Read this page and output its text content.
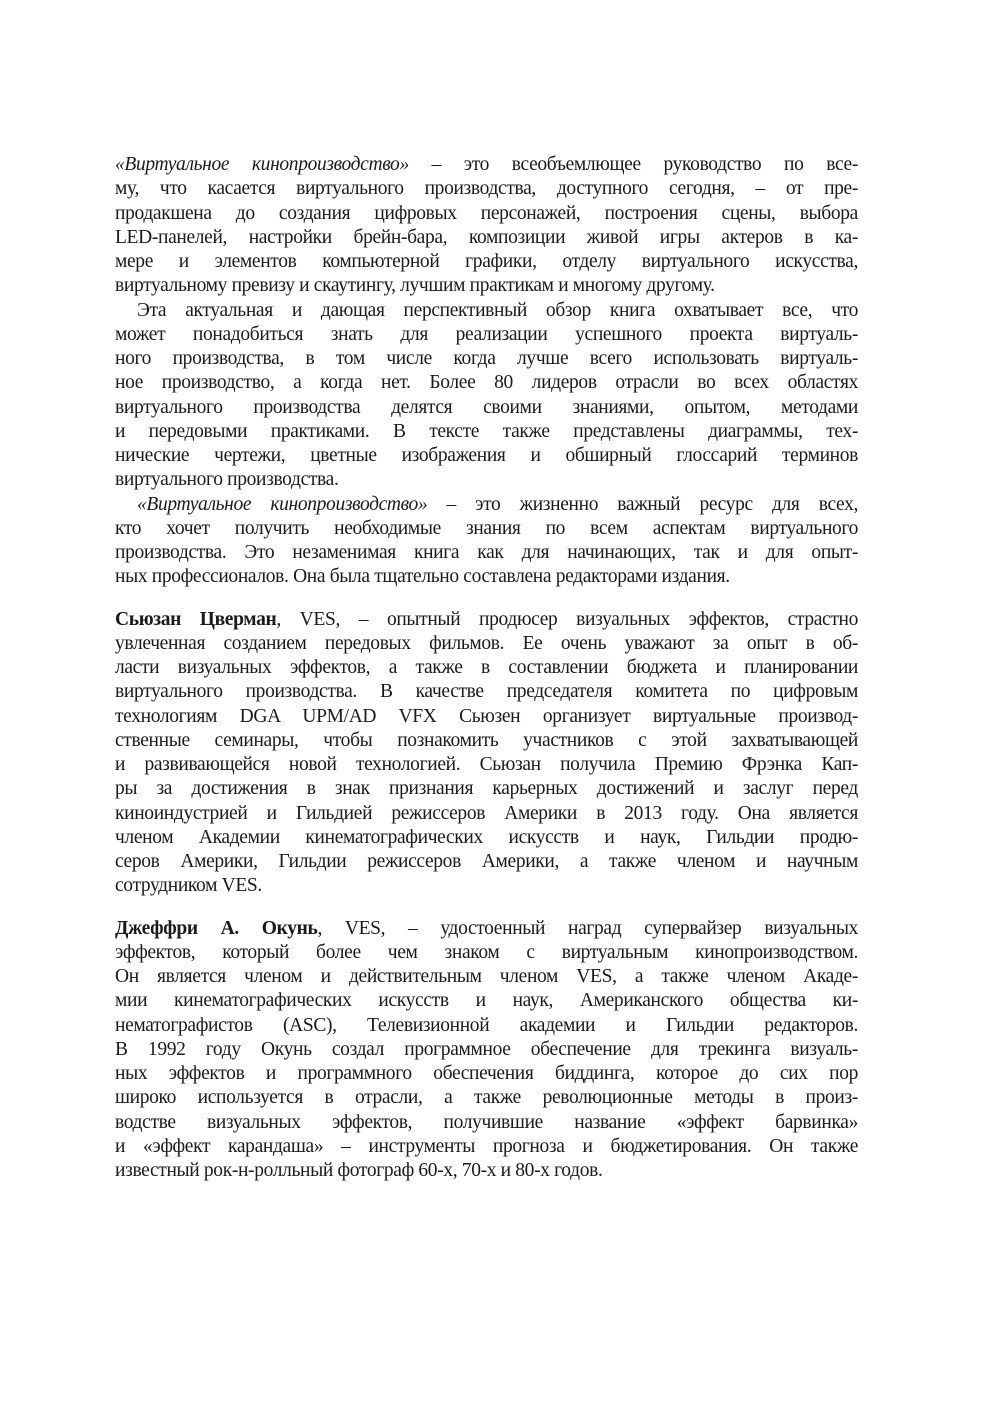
«Виртуальное кинопроизводство» – это всеобъемлющее руководство по все-
му, что касается виртуального производства, доступного сегодня, – от пре-
продакшена до создания цифровых персонажей, построения сцены, выбора
LED-панелей, настройки брейн-бара, композиции живой игры актеров в ка-
мере и элементов компьютерной графики, отделу виртуального искусства,
виртуальному превизу и скаутингу, лучшим практикам и многому другому.
Эта актуальная и дающая перспективный обзор книга охватывает все, что
может понадобиться знать для реализации успешного проекта виртуаль-
ного производства, в том числе когда лучше всего использовать виртуаль-
ное производство, а когда нет. Более 80 лидеров отрасли во всех областях
виртуального производства делятся своими знаниями, опытом, методами
и передовыми практиками. В тексте также представлены диаграммы, тех-
нические чертежи, цветные изображения и обширный глоссарий терминов
виртуального производства.
«Виртуальное кинопроизводство» – это жизненно важный ресурс для всех,
кто хочет получить необходимые знания по всем аспектам виртуального
производства. Это незаменимая книга как для начинающих, так и для опыт-
ных профессионалов. Она была тщательно составлена редакторами издания.
Сьюзан Цверман, VES, – опытный продюсер визуальных эффектов, страстно
увлеченная созданием передовых фильмов. Ее очень уважают за опыт в об-
ласти визуальных эффектов, а также в составлении бюджета и планировании
виртуального производства. В качестве председателя комитета по цифровым
технологиям DGA UPM/AD VFX Сьюзен организует виртуальные производ-
ственные семинары, чтобы познакомить участников с этой захватывающей
и развивающейся новой технологией. Сьюзан получила Премию Фрэнка Кап-
ры за достижения в знак признания карьерных достижений и заслуг перед
киноиндустрией и Гильдией режиссеров Америки в 2013 году. Она является
членом Академии кинематографических искусств и наук, Гильдии продю-
серов Америки, Гильдии режиссеров Америки, а также членом и научным
сотрудником VES.
Джеффри А. Окунь, VES, – удостоенный наград супервайзер визуальных
эффектов, который более чем знаком с виртуальным кинопроизводством.
Он является членом и действительным членом VES, а также членом Акаде-
мии кинематографических искусств и наук, Американского общества ки-
нематографистов (ASC), Телевизионной академии и Гильдии редакторов.
В 1992 году Окунь создал программное обеспечение для трекинга визуаль-
ных эффектов и программного обеспечения биддинга, которое до сих пор
широко используется в отрасли, а также революционные методы в произ-
водстве визуальных эффектов, получившие название «эффект барвинка»
и «эффект карандаша» – инструменты прогноза и бюджетирования. Он также
известный рок-н-ролльный фотограф 60-х, 70-х и 80-х годов.
